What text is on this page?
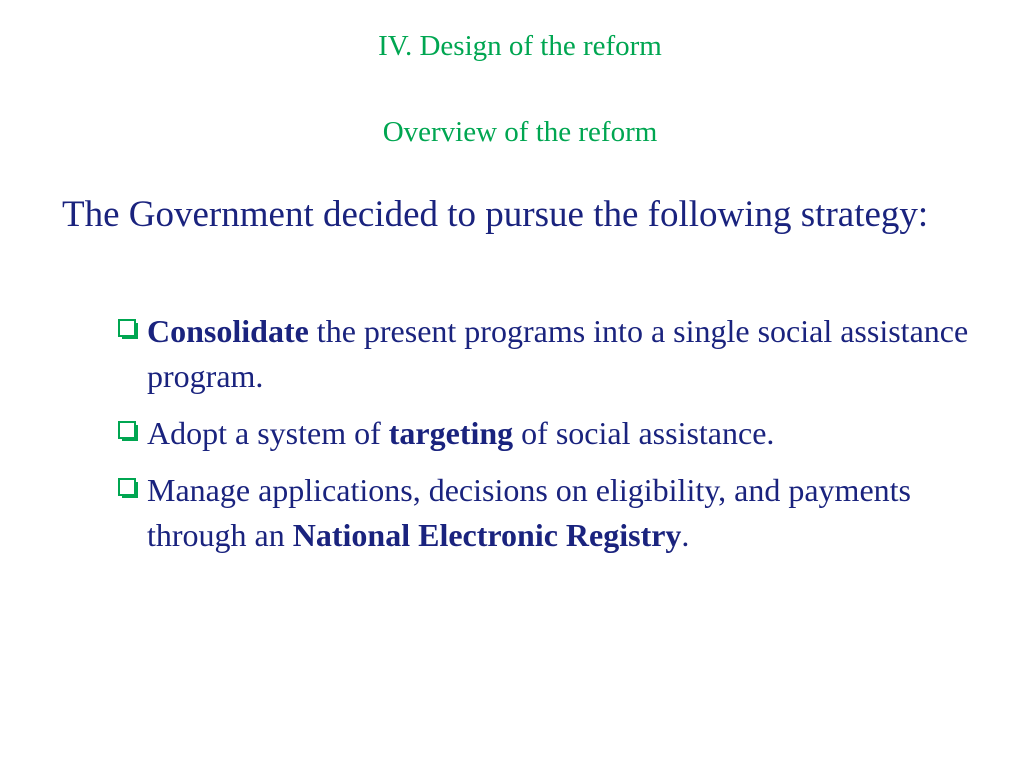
IV. Design of the reform
Overview of the reform
The Government decided to pursue the following strategy:
Consolidate the present programs into a single social assistance program.
Adopt a system of targeting of social assistance.
Manage applications, decisions on eligibility, and payments through an National Electronic Registry.
